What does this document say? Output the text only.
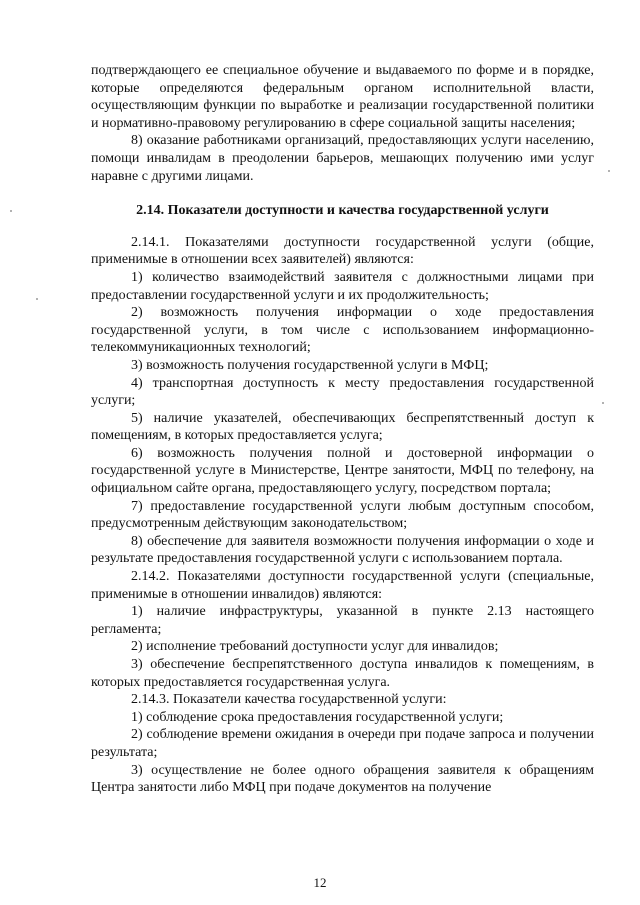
подтверждающего ее специальное обучение и выдаваемого по форме и в порядке, которые определяются федеральным органом исполнительной власти, осуществляющим функции по выработке и реализации государственной политики и нормативно-правовому регулированию в сфере социальной защиты населения;

8) оказание работниками организаций, предоставляющих услуги населению, помощи инвалидам в преодолении барьеров, мешающих получению ими услуг наравне с другими лицами.

2.14. Показатели доступности и качества государственной услуги

2.14.1. Показателями доступности государственной услуги (общие, применимые в отношении всех заявителей) являются:

1) количество взаимодействий заявителя с должностными лицами при предоставлении государственной услуги и их продолжительность;

2) возможность получения информации о ходе предоставления государственной услуги, в том числе с использованием информационно-телекоммуникационных технологий;

3) возможность получения государственной услуги в МФЦ;

4) транспортная доступность к месту предоставления государственной услуги;

5) наличие указателей, обеспечивающих беспрепятственный доступ к помещениям, в которых предоставляется услуга;

6) возможность получения полной и достоверной информации о государственной услуге в Министерстве, Центре занятости, МФЦ по телефону, на официальном сайте органа, предоставляющего услугу, посредством портала;

7) предоставление государственной услуги любым доступным способом, предусмотренным действующим законодательством;

8) обеспечение для заявителя возможности получения информации о ходе и результате предоставления государственной услуги с использованием портала.

2.14.2. Показателями доступности государственной услуги (специальные, применимые в отношении инвалидов) являются:

1) наличие инфраструктуры, указанной в пункте 2.13 настоящего регламента;

2) исполнение требований доступности услуг для инвалидов;

3) обеспечение беспрепятственного доступа инвалидов к помещениям, в которых предоставляется государственная услуга.

2.14.3. Показатели качества государственной услуги:

1) соблюдение срока предоставления государственной услуги;

2) соблюдение времени ожидания в очереди при подаче запроса и получении результата;

3) осуществление не более одного обращения заявителя к обращениям Центра занятости либо МФЦ при подаче документов на получение

12
